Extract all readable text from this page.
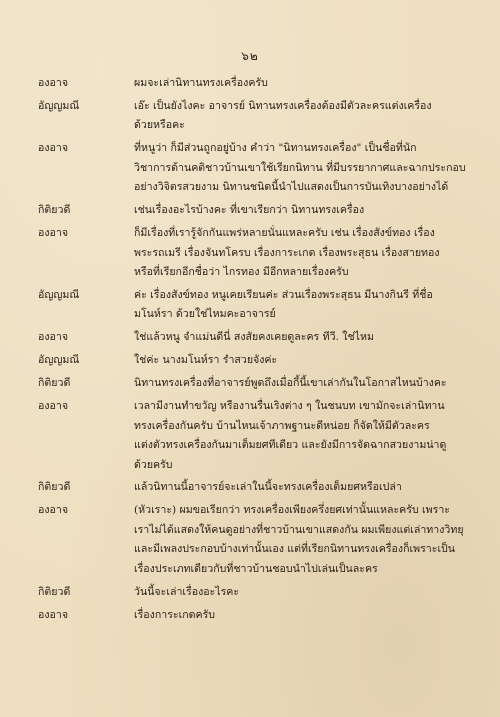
๖๒
องอาจ	ผมจะเล่านิทานทรงเครื่องครับ
อัญญมณี	เอ๊ะ เป็นยังไงคะ อาจารย์ นิทานทรงเครื่องต้องมีตัวละครแต่งเครื่อง
ด้วยหรือคะ
องอาจ	ที่หนูว่า ก็มีส่วนถูกอยู่บ้าง คำว่า "นิทานทรงเครื่อง" เป็นชื่อที่นัก
วิชาการด้านคติชาวบ้านเขาใช้เรียกนิทาน ที่มีบรรยากาศและฉากประกอบ
อย่างวิจิตรสวยงาม นิทานชนิดนี้นำไปแสดงเป็นการบันเทิงบางอย่างได้
กิติยวดี	เช่นเรื่องอะไรบ้างคะ ที่เขาเรียกว่า นิทานทรงเครื่อง
องอาจ	ก็มีเรื่องที่เรารู้จักกันแพร่หลายนั่นแหละครับ เช่น เรื่องสังข์ทอง เรื่อง
พระรถเมรี เรื่องจันทโครบ เรื่องการะเกด เรื่องพระสุธน เรื่องสายทอง
หรือที่เรียกอีกชื่อว่า ไกรทอง มีอีกหลายเรื่องครับ
อัญญมณี	ค่ะ เรื่องสังข์ทอง หนูเคยเรียนค่ะ ส่วนเรื่องพระสุธน มีนางกินรี ที่ชื่อ
มโนห์รา ด้วยใช่ไหมคะอาจารย์
องอาจ	ใช่แล้วหนู จำแม่นดีนี่ สงสัยคงเคยดูละคร ทีวี. ใช่ไหม
อัญญมณี	ใช่ค่ะ นางมโนห์รา รำสวยจังค่ะ
กิติยวดี	นิทานทรงเครื่องที่อาจารย์พูดถึงเมื่อกี้นี้เขาเล่ากันในโอกาสไหนบ้างคะ
องอาจ	เวลามีงานทำขวัญ หรืองานรื่นเริงต่าง ๆ ในชนบท เขามักจะเล่านิทาน
ทรงเครื่องกันครับ บ้านไหนเจ้าภาพฐานะดีหน่อย ก็จัดให้มีตัวละคร
แต่งตัวทรงเครื่องกันมาเต็มยศทีเดียว และยังมีการจัดฉากสวยงามน่าดู
ด้วยครับ
กิติยวดี	แล้วนิทานนี้อาจารย์จะเล่าในนี้จะทรงเครื่องเต็มยศหรือเปล่า
องอาจ	(หัวเราะ) ผมขอเรียกว่า ทรงเครื่องเพียงครึ่งยศเท่านั้นแหละครับ เพราะ
เราไม่ได้แสดงให้คนดูอย่างที่ชาวบ้านเขาแสดงกัน ผมเพียงแต่เล่าทางวิทยุ
และมีเพลงประกอบบ้างเท่านั้นเอง แต่ที่เรียกนิทานทรงเครื่องก็เพราะเป็น
เรื่องประเภทเดียวกับที่ชาวบ้านชอบนำไปเล่นเป็นละคร
กิติยวดี	วันนี้จะเล่าเรื่องอะไรคะ
องอาจ	เรื่องการะเกดครับ
